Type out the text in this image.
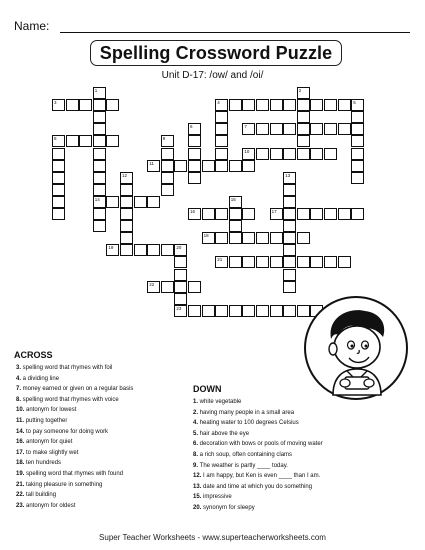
Name:
Spelling Crossword Puzzle
Unit D-17: /ow/ and /oi/
3	4
1
14
2
5
6	7
8	9
10
11
12	13
15
16	17
18
19	20
23
21
22
ACROSS
3. spelling word that rhymes with foil
4. a dividing line
7. money earned or given on a regular basis
8. spelling word that rhymes with voice
10. antonym for lowest
11. putting together
14. to pay someone for doing work
16. antonym for quiet
17. to make slightly wet
18. ten hundreds
19. spelling word that rhymes with found
21. taking pleasure in something
22. tall building
23. antonym for oldest
DOWN
1. white vegetable
2. having many people in a small area
4. heating water to 100 degrees Celsius
5. hair above the eye
6. decoration with bows or pools of moving water
8. a rich soup, often containing clams
9. The weather is partly ____ today.
12. I am happy, but Ken is even ____ than I am.
13. date and time at which you do something
15. impressive
20. synonym for sleepy
Super Teacher Worksheets - www.superteacherworksheets.com
